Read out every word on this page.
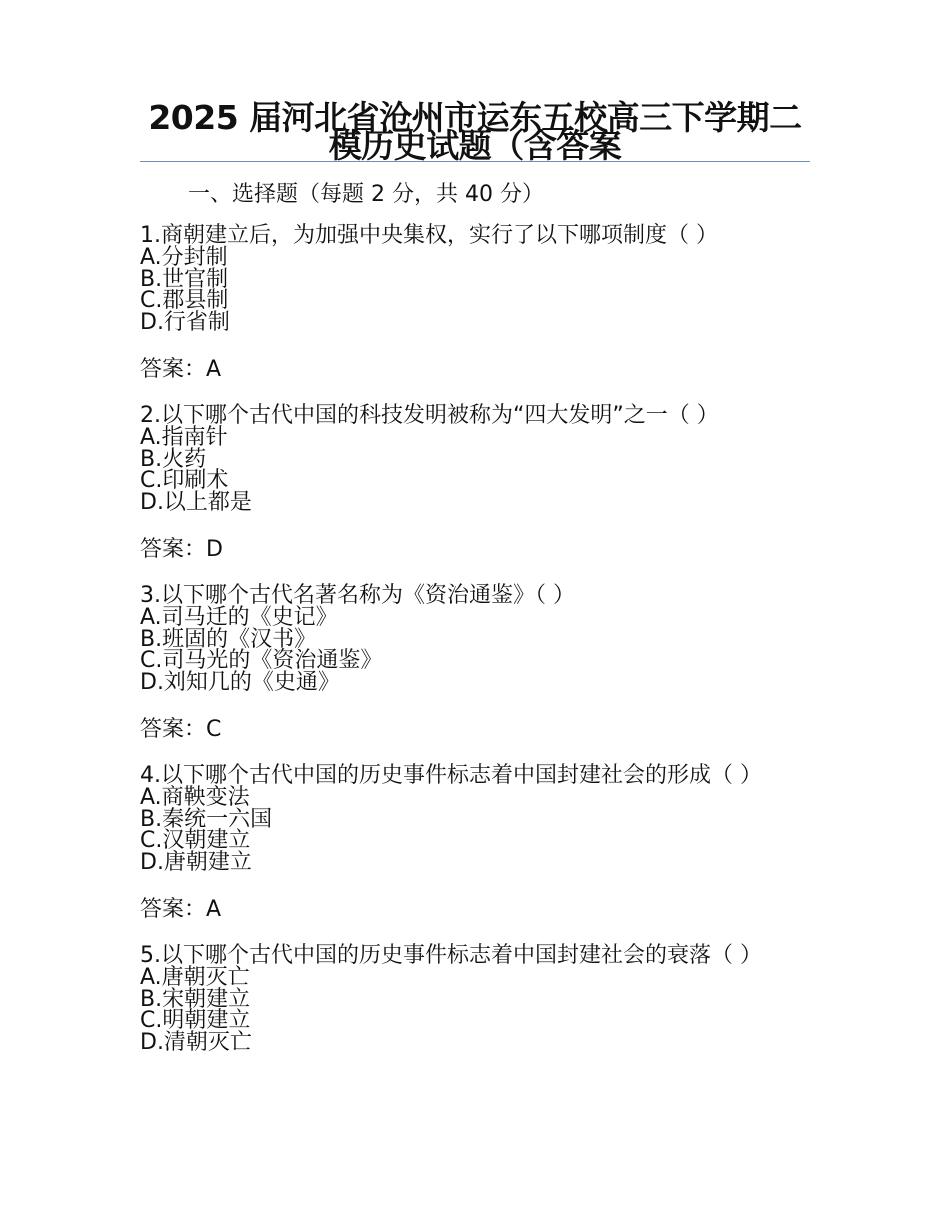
2025 届河北省沧州市运东五校高三下学期二模历史试题（含答案
一、选择题（每题 2 分，共 40 分）
1.商朝建立后，为加强中央集权，实行了以下哪项制度（ ）
A.分封制
B.世官制
C.郡县制
D.行省制
答案：A
2.以下哪个古代中国的科技发明被称为“四大发明”之一（ ）
A.指南针
B.火药
C.印刷术
D.以上都是
答案：D
3.以下哪个古代名著名称为《资治通鉴》（ ）
A.司马迁的《史记》
B.班固的《汉书》
C.司马光的《资治通鉴》
D.刘知几的《史通》
答案：C
4.以下哪个古代中国的历史事件标志着中国封建社会的形成（ ）
A.商鞅变法
B.秦统一六国
C.汉朝建立
D.唐朝建立
答案：A
5.以下哪个古代中国的历史事件标志着中国封建社会的衰落（ ）
A.唐朝灭亡
B.宋朝建立
C.明朝建立
D.清朝灭亡
